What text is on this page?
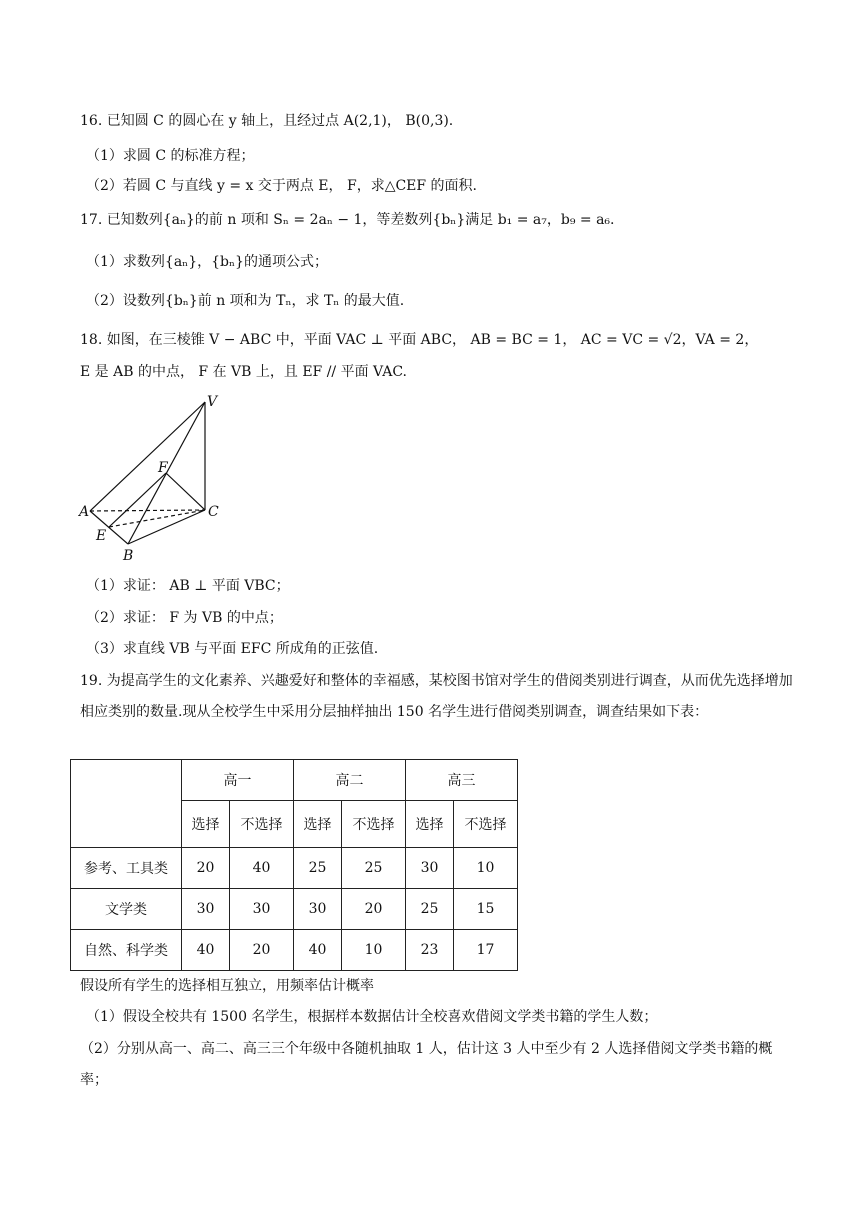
16. 已知圆 C 的圆心在 y 轴上，且经过点 A(2,1)， B(0,3).
（1）求圆 C 的标准方程；
（2）若圆 C 与直线 y = x 交于两点 E， F，求△CEF 的面积.
17. 已知数列{aₙ}的前 n 项和 Sₙ = 2aₙ − 1，等差数列{bₙ}满足 b₁ = a₇，b₉ = a₆.
（1）求数列{aₙ}，{bₙ}的通项公式；
（2）设数列{bₙ}前 n 项和为 Tₙ，求 Tₙ 的最大值.
18. 如图，在三棱锥 V − ABC 中，平面 VAC ⊥ 平面 ABC， AB = BC = 1， AC = VC = √2，VA = 2，
E 是 AB 的中点， F 在 VB 上，且 EF // 平面 VAC.
V
F
A	C
E
B
（1）求证： AB ⊥ 平面 VBC；
（2）求证： F 为 VB 的中点；
（3）求直线 VB 与平面 EFC 所成角的正弦值.
19. 为提高学生的文化素养、兴趣爱好和整体的幸福感，某校图书馆对学生的借阅类别进行调查，从而优先选择增加相应类别的数量.现从全校学生中采用分层抽样抽出 150 名学生进行借阅类别调查，调查结果如下表：
	高一		高二		高三	
	选择	不选择	选择	不选择	选择	不选择
参考、工具类	20	40	25	25	30	10
文学类	30	30	30	20	25	15
自然、科学类	40	20	40	10	23	17
假设所有学生的选择相互独立，用频率估计概率
（1）假设全校共有 1500 名学生，根据样本数据估计全校喜欢借阅文学类书籍的学生人数；
（2）分别从高一、高二、高三三个年级中各随机抽取 1 人，估计这 3 人中至少有 2 人选择借阅文学类书籍的概率；
